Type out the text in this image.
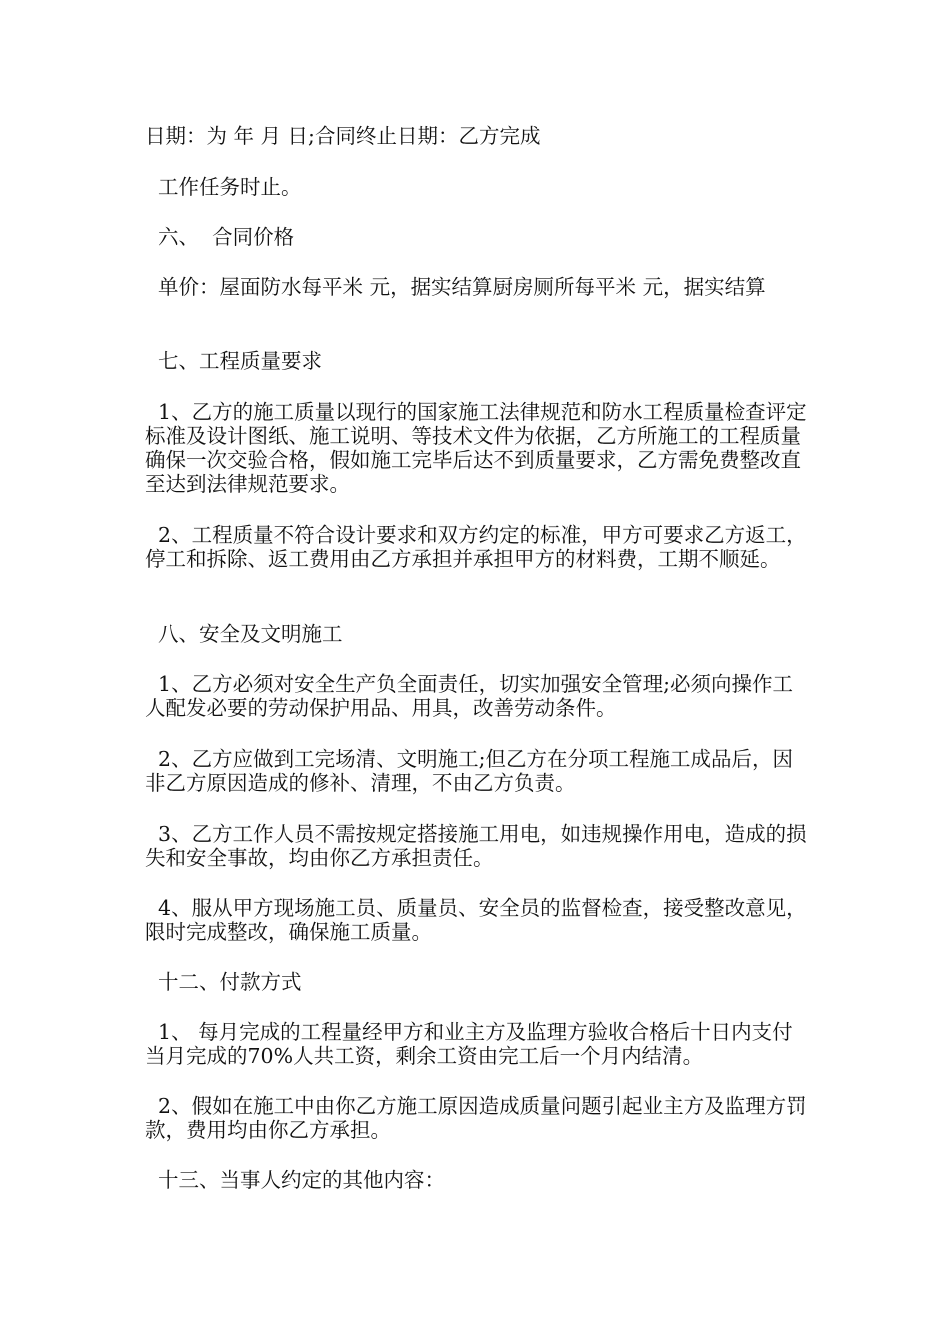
日期：为 年 月 日;合同终止日期：乙方完成

工作任务时止。

六、  合同价格

单价：屋面防水每平米 元，据实结算厨房厕所每平米 元，据实结算

七、工程质量要求

1、乙方的施工质量以现行的国家施工法律规范和防水工程质量检查评定标准及设计图纸、施工说明、等技术文件为依据，乙方所施工的工程质量确保一次交验合格，假如施工完毕后达不到质量要求，乙方需免费整改直至达到法律规范要求。

2、工程质量不符合设计要求和双方约定的标准，甲方可要求乙方返工，停工和拆除、返工费用由乙方承担并承担甲方的材料费，工期不顺延。

八、安全及文明施工

1、乙方必须对安全生产负全面责任，切实加强安全管理;必须向操作工人配发必要的劳动保护用品、用具，改善劳动条件。

2、乙方应做到工完场清、文明施工;但乙方在分项工程施工成品后，因非乙方原因造成的修补、清理，不由乙方负责。

3、乙方工作人员不需按规定搭接施工用电，如违规操作用电，造成的损失和安全事故，均由你乙方承担责任。

4、服从甲方现场施工员、质量员、安全员的监督检查，接受整改意见，限时完成整改，确保施工质量。

十二、付款方式

1、 每月完成的工程量经甲方和业主方及监理方验收合格后十日内支付当月完成的70%人共工资，剩余工资由完工后一个月内结清。

2、假如在施工中由你乙方施工原因造成质量问题引起业主方及监理方罚款，费用均由你乙方承担。

十三、当事人约定的其他内容：
